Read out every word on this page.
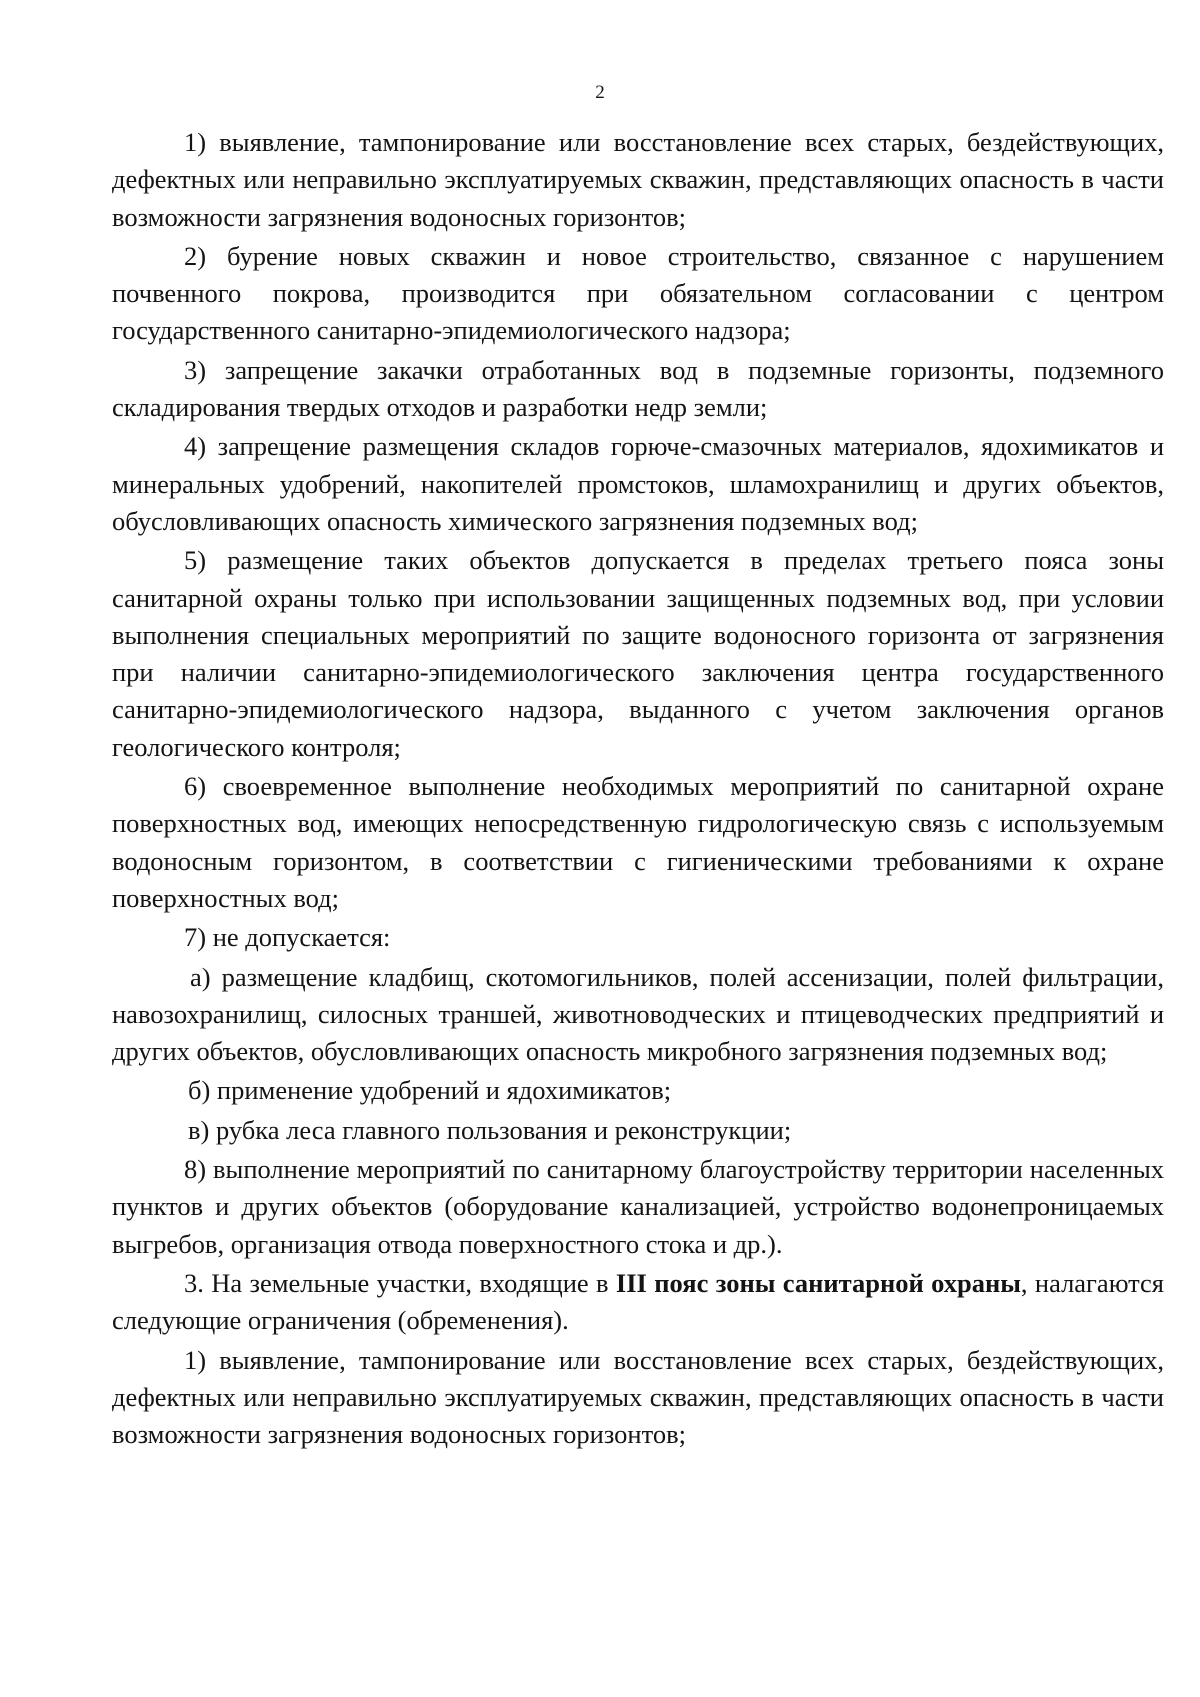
2

1) выявление, тампонирование или восстановление всех старых, бездействующих, дефектных или неправильно эксплуатируемых скважин, представляющих опасность в части возможности загрязнения водоносных горизонтов;

2) бурение новых скважин и новое строительство, связанное с нарушением почвенного покрова, производится при обязательном согласовании с центром государственного санитарно-эпидемиологического надзора;

3) запрещение закачки отработанных вод в подземные горизонты, подземного складирования твердых отходов и разработки недр земли;

4) запрещение размещения складов горюче-смазочных материалов, ядохимикатов и минеральных удобрений, накопителей промстоков, шламохранилищ и других объектов, обусловливающих опасность химического загрязнения подземных вод;

5) размещение таких объектов допускается в пределах третьего пояса зоны санитарной охраны только при использовании защищенных подземных вод, при условии выполнения специальных мероприятий по защите водоносного горизонта от загрязнения при наличии санитарно-эпидемиологического заключения центра государственного санитарно-эпидемиологического надзора, выданного с учетом заключения органов геологического контроля;

6) своевременное выполнение необходимых мероприятий по санитарной охране поверхностных вод, имеющих непосредственную гидрологическую связь с используемым водоносным горизонтом, в соответствии с гигиеническими требованиями к охране поверхностных вод;

7) не допускается:

а) размещение кладбищ, скотомогильников, полей ассенизации, полей фильтрации, навозохранилищ, силосных траншей, животноводческих и птицеводческих предприятий и других объектов, обусловливающих опасность микробного загрязнения подземных вод;

б) применение удобрений и ядохимикатов;

в) рубка леса главного пользования и реконструкции;

8) выполнение мероприятий по санитарному благоустройству территории населенных пунктов и других объектов (оборудование канализацией, устройство водонепроницаемых выгребов, организация отвода поверхностного стока и др.).

3. На земельные участки, входящие в III пояс зоны санитарной охраны, налагаются следующие ограничения (обременения).

1) выявление, тампонирование или восстановление всех старых, бездействующих, дефектных или неправильно эксплуатируемых скважин, представляющих опасность в части возможности загрязнения водоносных горизонтов;
